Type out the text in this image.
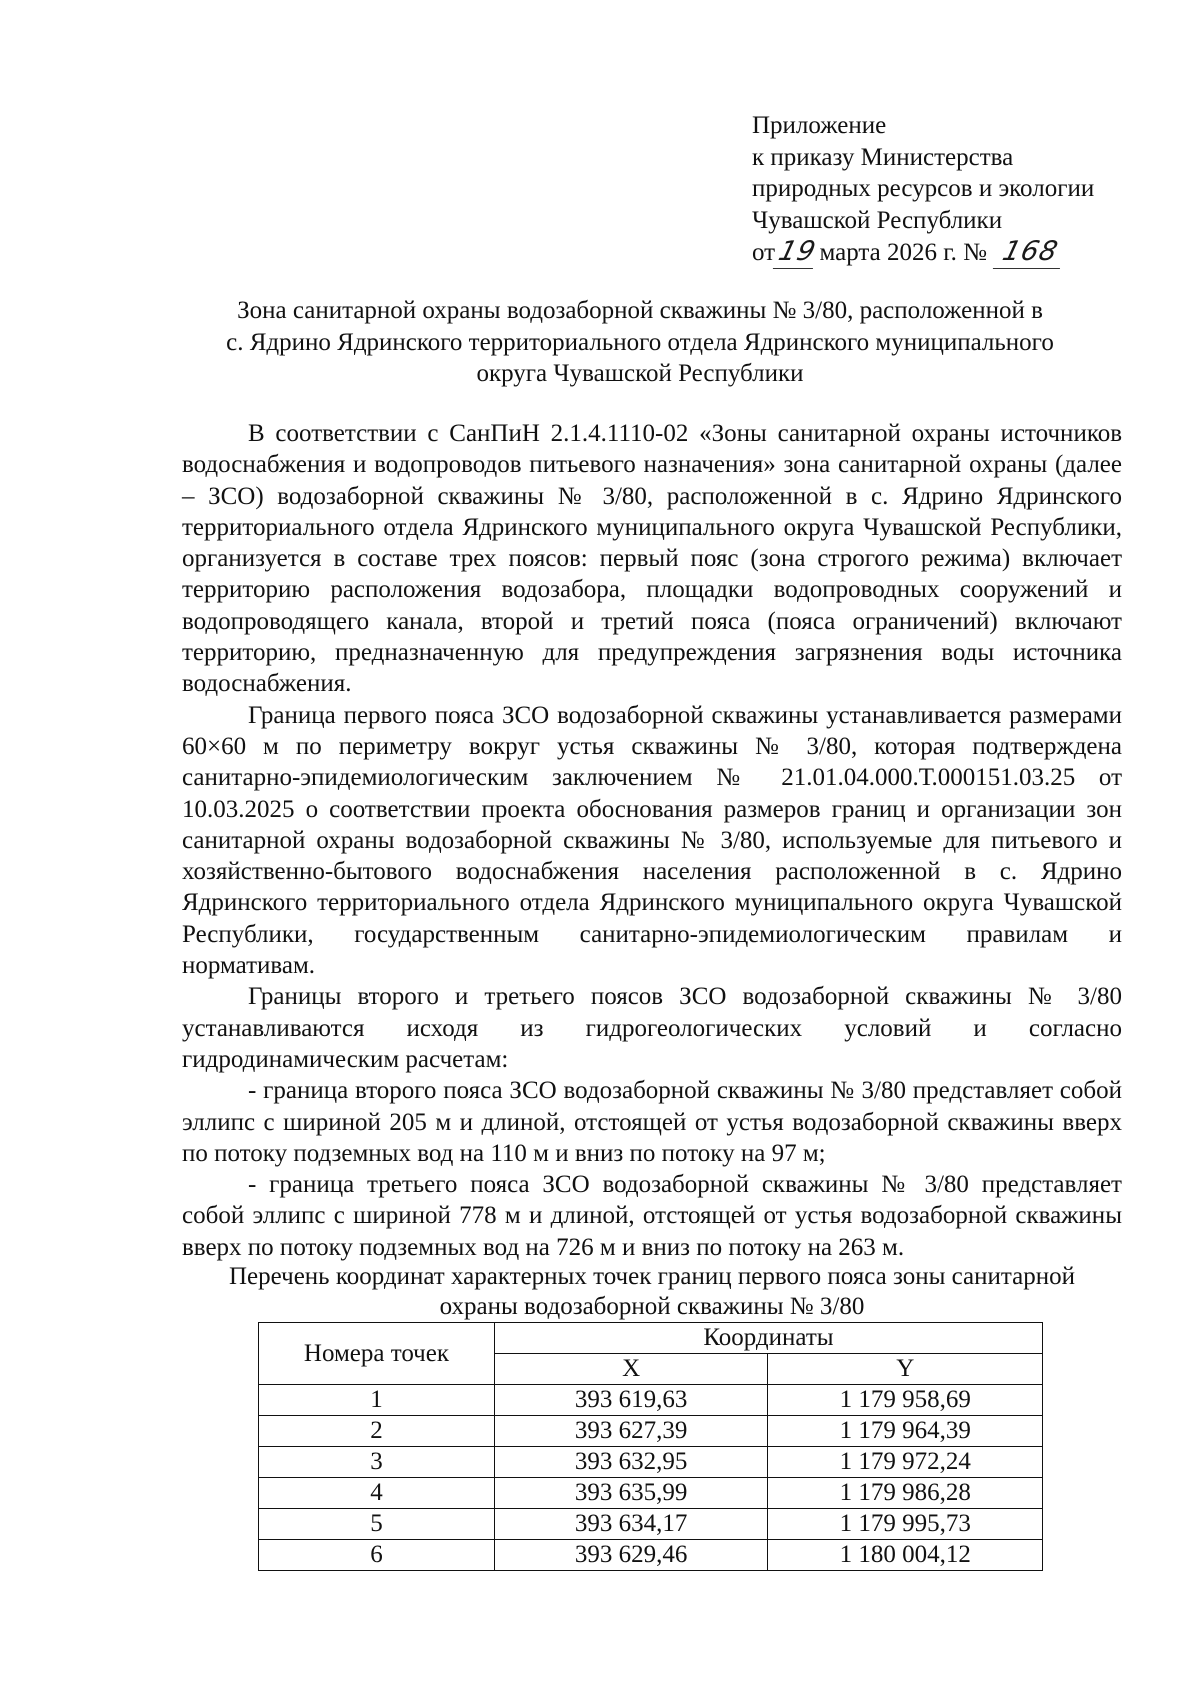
Приложение
к приказу Министерства
природных ресурсов и экологии
Чувашской Республики
от19марта 2026 г. № 168
Зона санитарной охраны водозаборной скважины № 3/80, расположенной в
с. Ядрино Ядринского территориального отдела Ядринского муниципального
округа Чувашской Республики

В соответствии с СанПиН 2.1.4.1110-02 «Зоны санитарной охраны источников водоснабжения и водопроводов питьевого назначения» зона санитарной охраны (далее – ЗСО) водозаборной скважины № 3/80, расположенной в с. Ядрино Ядринского территориального отдела Ядринского муниципального округа Чувашской Республики, организуется в составе трех поясов: первый пояс (зона строгого режима) включает территорию расположения водозабора, площадки водопроводных сооружений и водопроводящего канала, второй и третий пояса (пояса ограничений) включают территорию, предназначенную для предупреждения загрязнения воды источника водоснабжения.

Граница первого пояса ЗСО водозаборной скважины устанавливается размерами 60×60 м по периметру вокруг устья скважины № 3/80, которая подтверждена санитарно-эпидемиологическим заключением № 21.01.04.000.Т.000151.03.25 от 10.03.2025 о соответствии проекта обоснования размеров границ и организации зон санитарной охраны водозаборной скважины № 3/80, используемые для питьевого и хозяйственно-бытового водоснабжения населения расположенной в с. Ядрино Ядринского территориального отдела Ядринского муниципального округа Чувашской Республики, государственным санитарно-эпидемиологическим правилам и нормативам.

Границы второго и третьего поясов ЗСО водозаборной скважины № 3/80 устанавливаются исходя из гидрогеологических условий и согласно гидродинамическим расчетам:

- граница второго пояса ЗСО водозаборной скважины № 3/80 представляет собой эллипс с шириной 205 м и длиной, отстоящей от устья водозаборной скважины вверх по потоку подземных вод на 110 м и вниз по потоку на 97 м;

- граница третьего пояса ЗСО водозаборной скважины № 3/80 представляет собой эллипс с шириной 778 м и длиной, отстоящей от устья водозаборной скважины вверх по потоку подземных вод на 726 м и вниз по потоку на 263 м.

Перечень координат характерных точек границ первого пояса зоны санитарной
охраны водозаборной скважины № 3/80
Номера точек	Координаты	
	X	Y
1	393 619,63	1 179 958,69
2	393 627,39	1 179 964,39
3	393 632,95	1 179 972,24
4	393 635,99	1 179 986,28
5	393 634,17	1 179 995,73
6	393 629,46	1 180 004,12
